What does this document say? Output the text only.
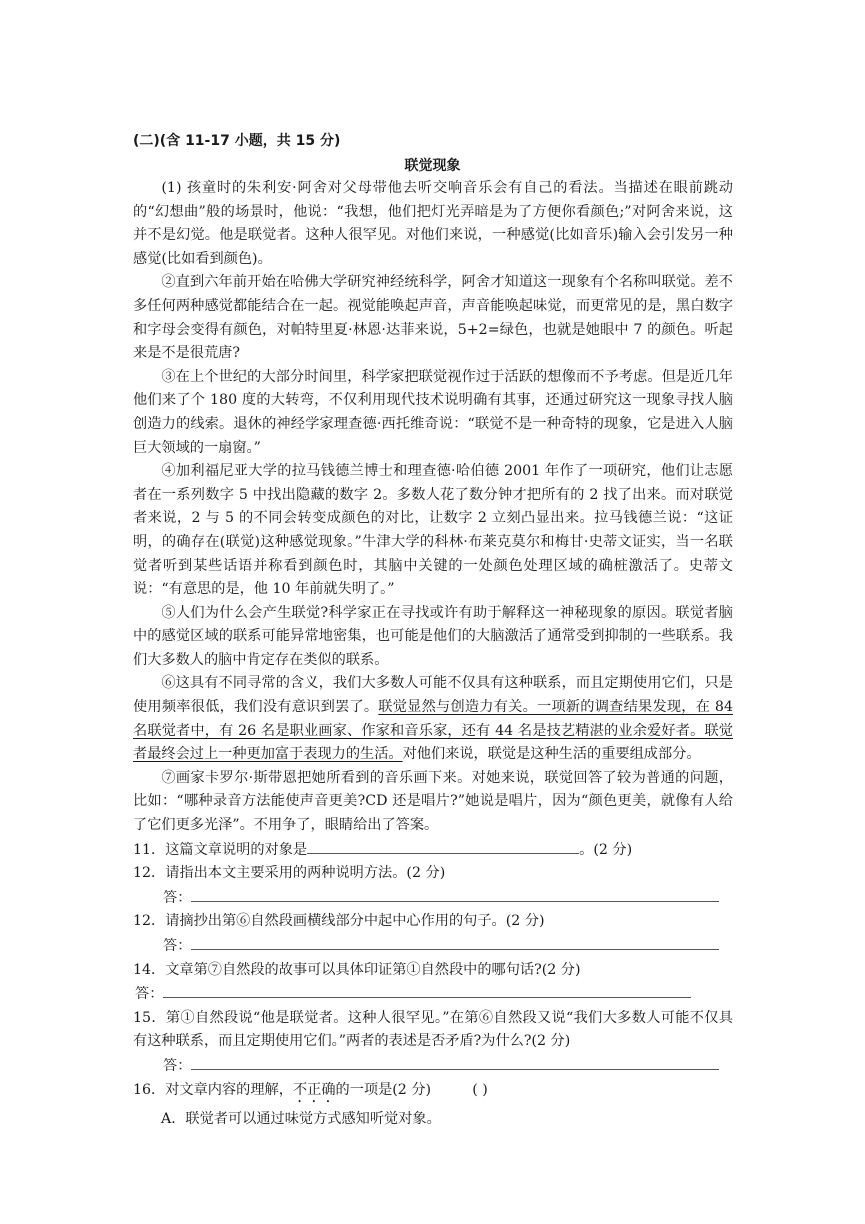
(二)(含 11-17 小题，共 15 分)
联觉现象

(1) 孩童时的朱利安·阿舍对父母带他去听交响音乐会有自己的看法。当描述在眼前跳动的“幻想曲”般的场景时，他说：“我想，他们把灯光弄暗是为了方便你看颜色;”对阿舍来说，这并不是幻觉。他是联觉者。这种人很罕见。对他们来说，一种感觉(比如音乐)输入会引发另一种感觉(比如看到颜色)。

②直到六年前开始在哈佛大学研究神经统科学，阿舍才知道这一现象有个名称叫联觉。差不多任何两种感觉都能结合在一起。视觉能唤起声音，声音能唤起味觉，而更常见的是，黑白数字和字母会变得有颜色，对帕特里夏·林恩·达菲来说，5+2=绿色，也就是她眼中 7 的颜色。听起来是不是很荒唐?

③在上个世纪的大部分时间里，科学家把联觉视作过于活跃的想像而不予考虑。但是近几年他们来了个 180 度的大转弯，不仅利用现代技术说明确有其事，还通过研究这一现象寻找人脑创造力的线索。退休的神经学家理查德·西托维奇说：“联觉不是一种奇特的现象，它是进入人脑巨大领域的一扇窗。”

④加利福尼亚大学的拉马钱德兰博士和理查德·哈伯德 2001 年作了一项研究，他们让志愿者在一系列数字 5 中找出隐藏的数字 2。多数人花了数分钟才把所有的 2 找了出来。而对联觉者来说，2 与 5 的不同会转变成颜色的对比，让数字 2 立刻凸显出来。拉马钱德兰说：“这证明，的确存在(联觉)这种感觉现象。”牛津大学的科林·布莱克莫尔和梅甘·史蒂文证实，当一名联觉者听到某些话语并称看到颜色时，其脑中关键的一处颜色处理区域的确桩激活了。史蒂文说：“有意思的是，他 10 年前就失明了。”

⑤人们为什么会产生联觉?科学家正在寻找或许有助于解释这一神秘现象的原因。联觉者脑中的感觉区域的联系可能异常地密集，也可能是他们的大脑激活了通常受到抑制的一些联系。我们大多数人的脑中肯定存在类似的联系。

⑥这具有不同寻常的含义，我们大多数人可能不仅具有这种联系，而且定期使用它们，只是使用频率很低，我们没有意识到罢了。联觉显然与创造力有关。一项新的调查结果发现，在 84 名联觉者中，有 26 名是职业画家、作家和音乐家，还有 44 名是技艺精湛的业余爱好者。联觉者最终会过上一种更加富于表现力的生活。对他们来说，联觉是这种生活的重要组成部分。

⑦画家卡罗尔·斯带恩把她所看到的音乐画下来。对她来说，联觉回答了较为普通的问题，比如：“哪种录音方法能使声音更美?CD 还是唱片?”她说是唱片，因为“颜色更美，就像有人给了它们更多光泽”。不用争了，眼睛给出了答案。

11．这篇文章说明的对象是	。(2 分)
12．请指出本文主要采用的两种说明方法。(2 分)
答：
12．请摘抄出第⑥自然段画横线部分中起中心作用的句子。(2 分)
答：
14．文章第⑦自然段的故事可以具体印证第①自然段中的哪句话?(2 分)
答：
15．第①自然段说“他是联觉者。这种人很罕见。”在第⑥自然段又说“我们大多数人可能不仅具有这种联系，而且定期使用它们。”两者的表述是否矛盾?为什么?(2 分)
答：
16．对文章内容的理解，不正确的一项是(2 分)	( )
A．联觉者可以通过味觉方式感知听觉对象。
